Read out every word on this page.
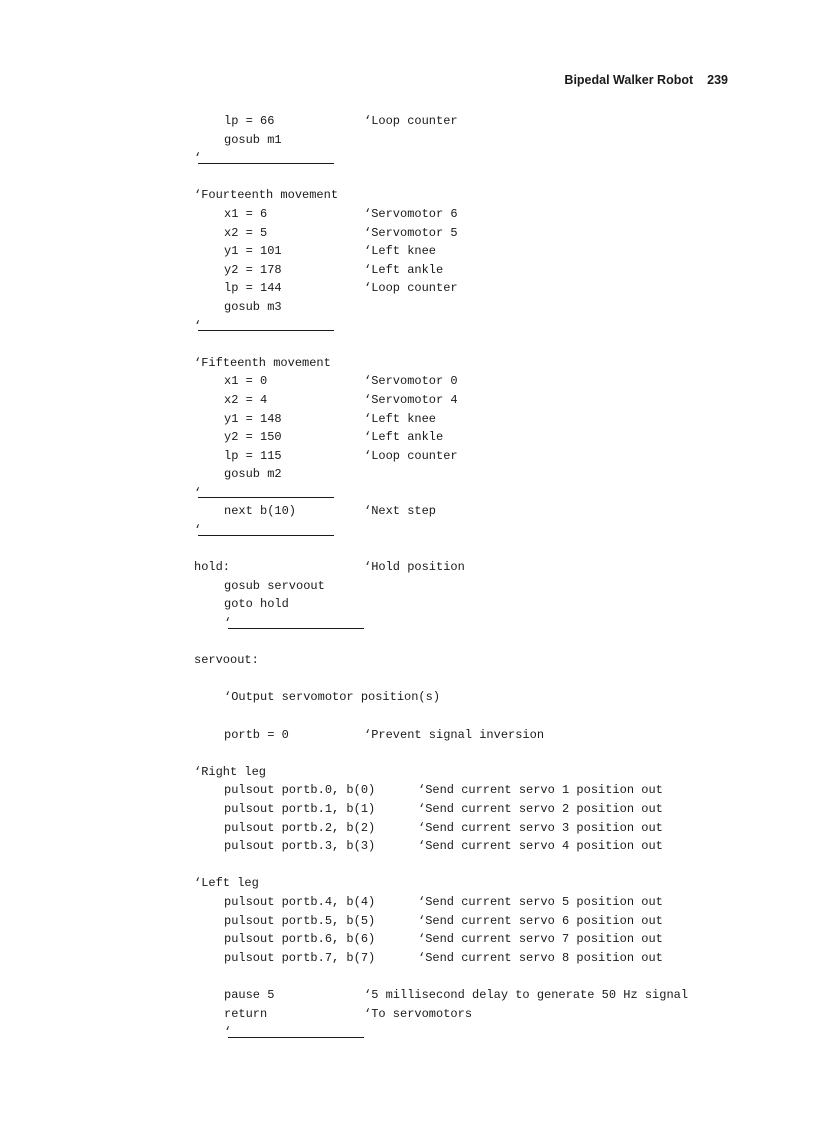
Bipedal Walker Robot 239
lp = 66	‘Loop counter
gosub m1
‘
‘Fourteenth movement
x1 = 6	‘Servomotor 6
x2 = 5	‘Servomotor 5
y1 = 101	‘Left knee
y2 = 178	‘Left ankle
lp = 144	‘Loop counter
gosub m3
‘
‘Fifteenth movement
x1 = 0	‘Servomotor 0
x2 = 4	‘Servomotor 4
y1 = 148	‘Left knee
y2 = 150	‘Left ankle
lp = 115	‘Loop counter
gosub m2
‘
next b(10)	‘Next step
‘
hold:	‘Hold position
gosub servoout
goto hold
‘
servoout:
‘Output servomotor position(s)
portb = 0	‘Prevent signal inversion
‘Right leg
pulsout portb.0, b(0)	‘Send current servo 1 position out
pulsout portb.1, b(1)	‘Send current servo 2 position out
pulsout portb.2, b(2)	‘Send current servo 3 position out
pulsout portb.3, b(3)	‘Send current servo 4 position out
‘Left leg
pulsout portb.4, b(4)	‘Send current servo 5 position out
pulsout portb.5, b(5)	‘Send current servo 6 position out
pulsout portb.6, b(6)	‘Send current servo 7 position out
pulsout portb.7, b(7)	‘Send current servo 8 position out
pause 5	‘5 millisecond delay to generate 50 Hz signal
return	‘To servomotors
‘
